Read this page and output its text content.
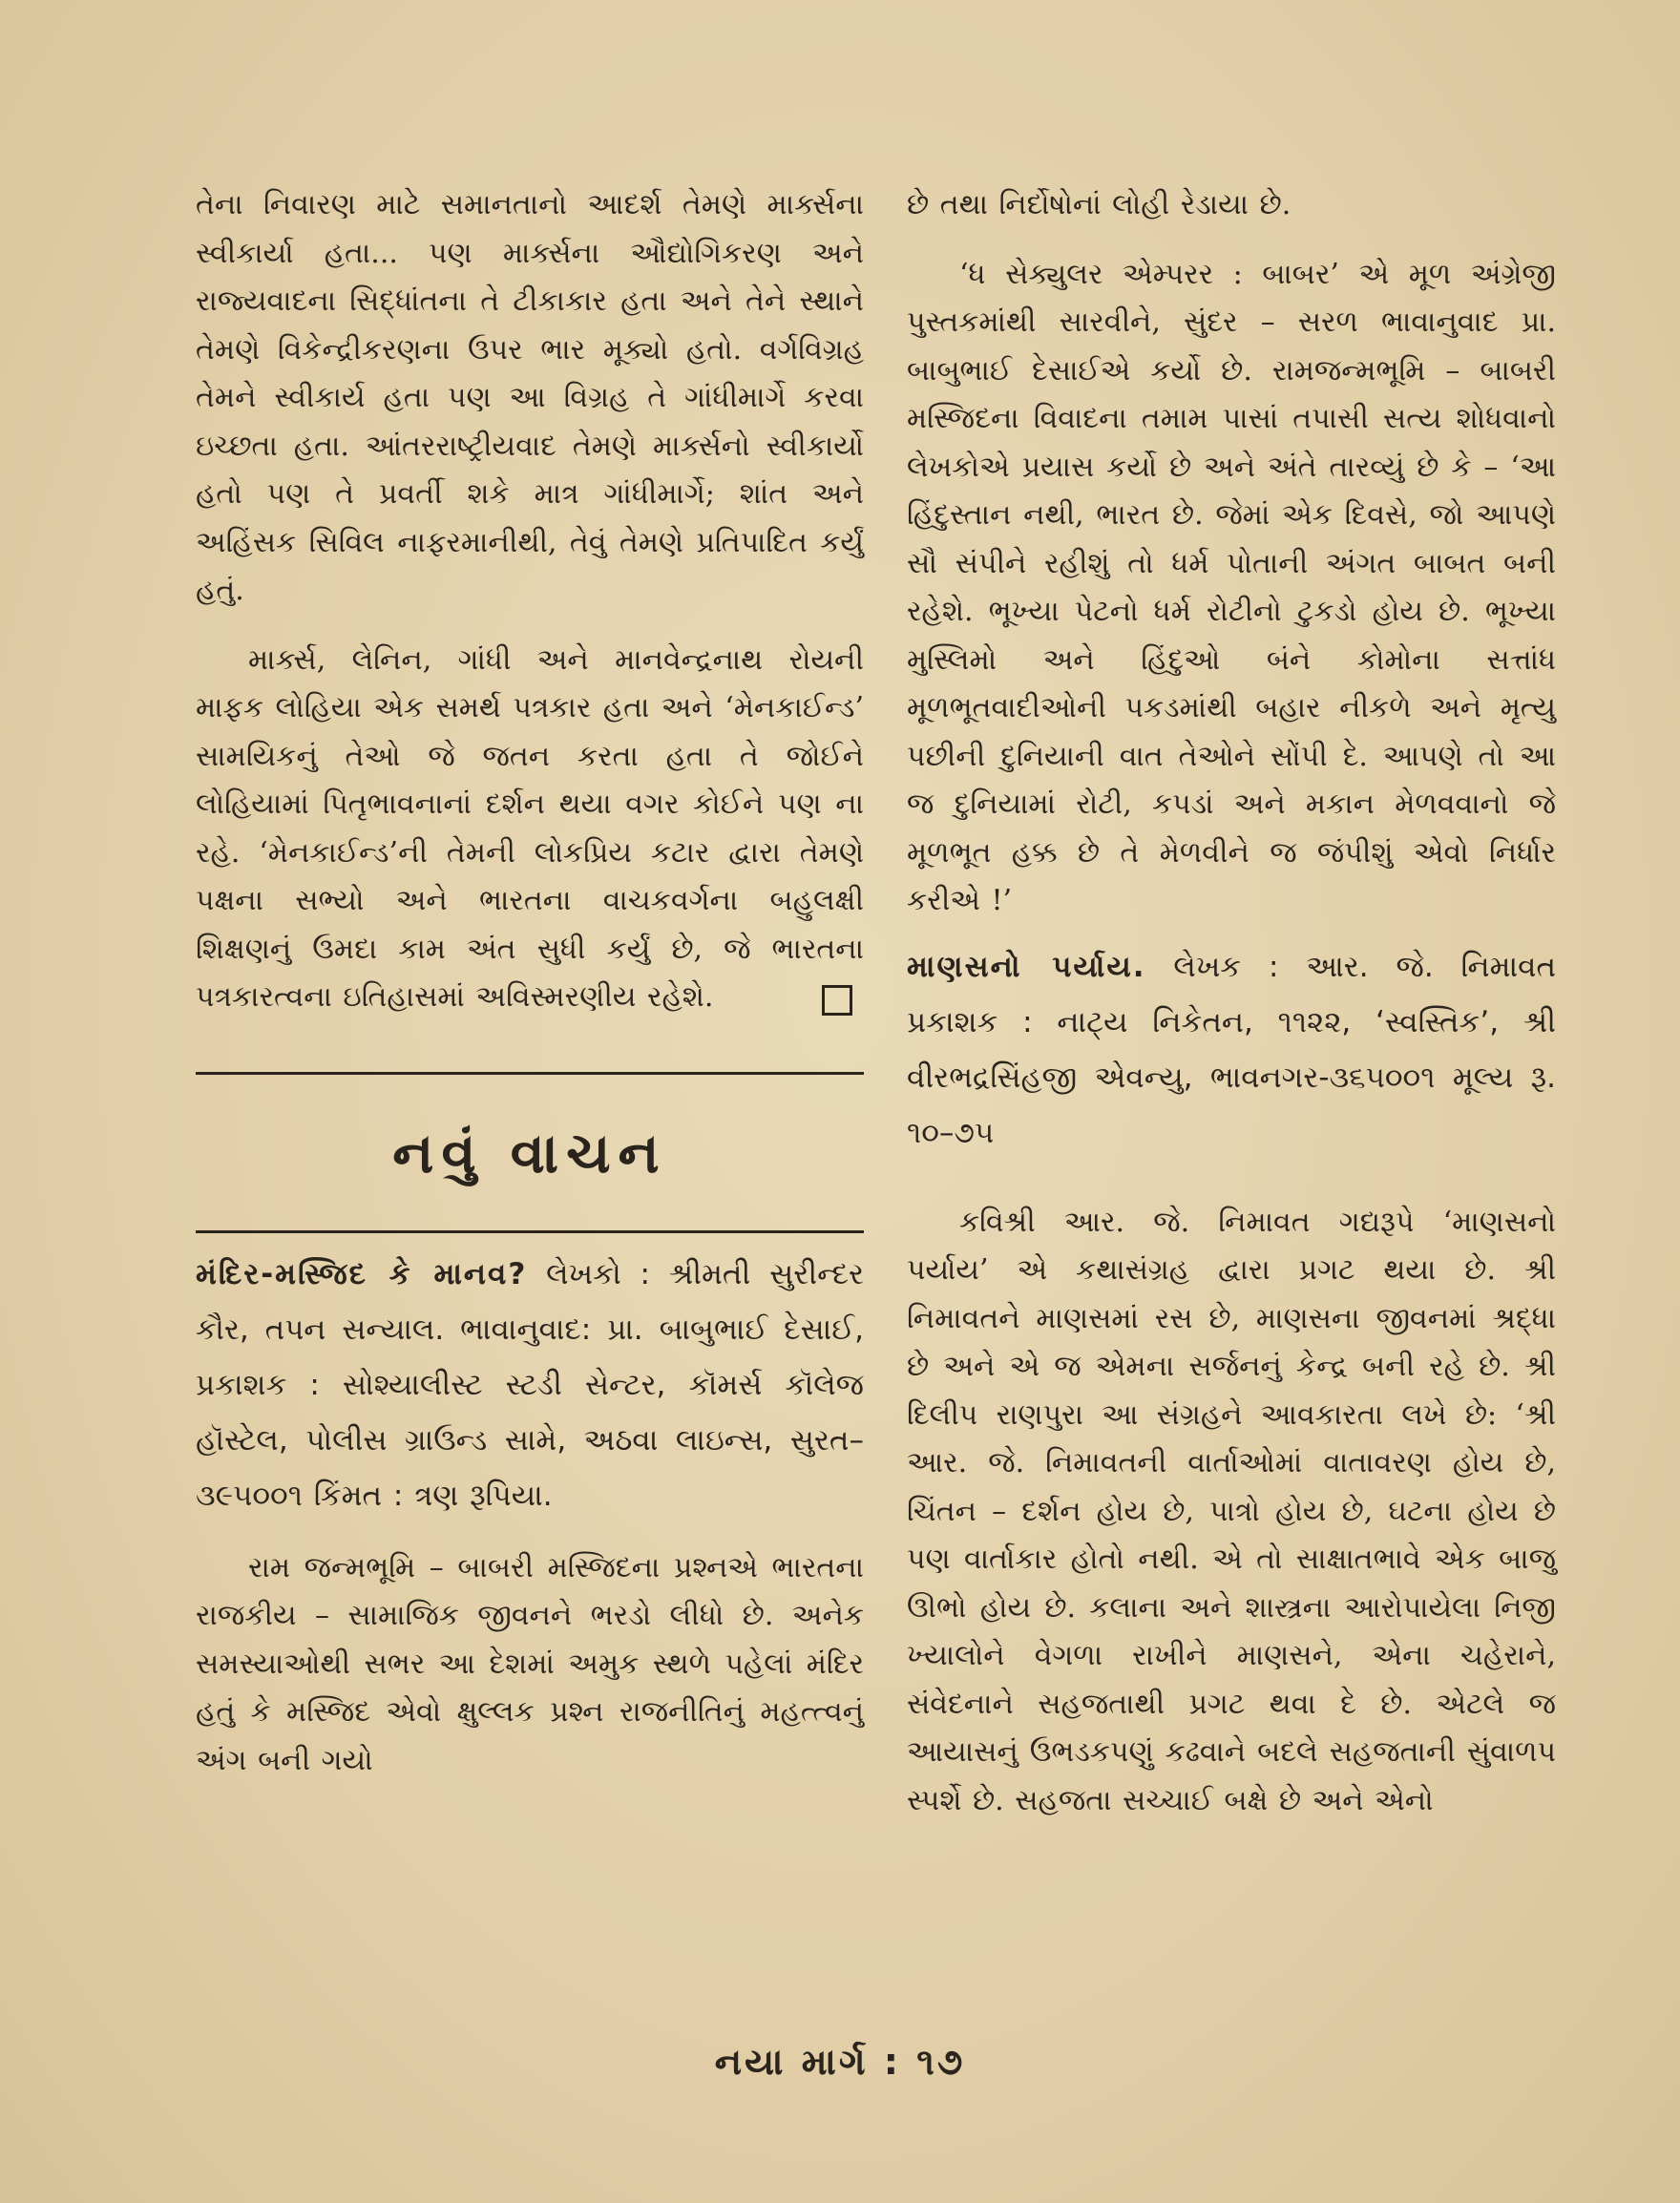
તેના નિવારણ માટે સમાનતાનો આદર્શ તેમણે માર્ક્સના સ્વીકાર્યા હતા... પણ માર્ક્સના ઔદ્યોગિકરણ અને રાજ્યવાદના સિદ્ધાંતના તે ટીકાકાર હતા અને તેને સ્થાને તેમણે વિકેન્દ્રીકરણના ઉપર ભાર મૂક્યો હતો. વર્ગવિગ્રહ તેમને સ્વીકાર્ય હતા પણ આ વિગ્રહ તે ગાંધીમાર્ગે કરવા ઇચ્છતા હતા. આંતરરાષ્ટ્રીયવાદ તેમણે માર્ક્સનો સ્વીકાર્યો હતો પણ તે પ્રવર્તી શકે માત્ર ગાંધીમાર્ગે; શાંત અને અહિંસક સિવિલ નાફરમાનીથી, તેવું તેમણે પ્રતિપાદિત કર્યું હતું.

માર્ક્સ, લેનિન, ગાંધી અને માનવેન્દ્રનાથ રોયની માફક લોહિયા એક સમર્થ પત્રકાર હતા અને ‘મેનકાઈન્ડ’ સામયિકનું તેઓ જે જતન કરતા હતા તે જોઈને લોહિયામાં પિતૃભાવનાનાં દર્શન થયા વગર કોઈને પણ ના રહે. ‘મેનકાઈન્ડ’ની તેમની લોકપ્રિય કટાર દ્વારા તેમણે પક્ષના સભ્યો અને ભારતના વાચકવર્ગના બહુલક્ષી શિક્ષણનું ઉમદા કામ અંત સુધી કર્યું છે, જે ભારતના પત્રકારત્વના ઇતિહાસમાં અવિસ્મરણીય રહેશે.

નવું વાચન

મંદિર-મસ્જિદ કે માનવ? લેખકો : શ્રીમતી સુરીન્દર કૌર, તપન સન્યાલ. ભાવાનુવાદ: પ્રા. બાબુભાઈ દેસાઈ, પ્રકાશક : સોશ્યાલીસ્ટ સ્ટડી સેન્ટર, કૉમર્સ કૉલેજ હૉસ્ટેલ, પોલીસ ગ્રાઉન્ડ સામે, અઠવા લાઇન્સ, સુરત–૩૯૫૦૦૧ કિંમત : ત્રણ રૂપિયા.

રામ જન્મભૂમિ – બાબરી મસ્જિદના પ્રશ્નએ ભારતના રાજકીય – સામાજિક જીવનને ભરડો લીધો છે. અનેક સમસ્યાઓથી સભર આ દેશમાં અમુક સ્થળે પહેલાં મંદિર હતું કે મસ્જિદ એવો ક્ષુલ્લક પ્રશ્ન રાજનીતિનું મહત્ત્વનું અંગ બની ગયો

છે તથા નિર્દોષોનાં લોહી રેડાયા છે.

‘ધ સેક્યુલર એમ્પરર : બાબર’ એ મૂળ અંગ્રેજી પુસ્તકમાંથી સારવીને, સુંદર – સરળ ભાવાનુવાદ પ્રા. બાબુભાઈ દેસાઈએ કર્યો છે. રામજન્મભૂમિ – બાબરી મસ્જિદના વિવાદના તમામ પાસાં તપાસી સત્ય શોધવાનો લેખકોએ પ્રયાસ કર્યો છે અને અંતે તારવ્યું છે કે – ‘આ હિંદુસ્તાન નથી, ભારત છે. જેમાં એક દિવસે, જો આપણે સૌ સંપીને રહીશું તો ધર્મ પોતાની અંગત બાબત બની રહેશે. ભૂખ્યા પેટનો ધર્મ રોટીનો ટુકડો હોય છે. ભૂખ્યા મુસ્લિમો અને હિંદુઓ બંને કોમોના સત્તાંધ મૂળભૂતવાદીઓની પકડમાંથી બહાર નીકળે અને મૃત્યુ પછીની દુનિયાની વાત તેઓને સોંપી દે. આપણે તો આ જ દુનિયામાં રોટી, કપડાં અને મકાન મેળવવાનો જે મૂળભૂત હક્ક છે તે મેળવીને જ જંપીશું એવો નિર્ધાર કરીએ !’

માણસનો પર્યાય. લેખક : આર. જે. નિમાવત પ્રકાશક : નાટ્ય નિકેતન, ૧૧૨૨, ‘સ્વસ્તિક’, શ્રી વીરભદ્રસિંહજી એવન્યુ, ભાવનગર-૩૬૫૦૦૧ મૂલ્ય રૂ. ૧૦–૭૫

કવિશ્રી આર. જે. નિમાવત ગદ્યરૂપે ‘માણસનો પર્યાય’ એ કથાસંગ્રહ દ્વારા પ્રગટ થયા છે. શ્રી નિમાવતને માણસમાં રસ છે, માણસના જીવનમાં શ્રદ્ધા છે અને એ જ એમના સર્જનનું કેન્દ્ર બની રહે છે. શ્રી દિલીપ રાણપુરા આ સંગ્રહને આવકારતા લખે છે: ‘શ્રી આર. જે. નિમાવતની વાર્તાઓમાં વાતાવરણ હોય છે, ચિંતન – દર્શન હોય છે, પાત્રો હોય છે, ઘટના હોય છે પણ વાર્તાકાર હોતો નથી. એ તો સાક્ષાતભાવે એક બાજુ ઊભો હોય છે. કલાના અને શાસ્ત્રના આરોપાયેલા નિજી ખ્યાલોને વેગળા રાખીને માણસને, એના ચહેરાને, સંવેદનાને સહજતાથી પ્રગટ થવા દે છે. એટલે જ આયાસનું ઉભડકપણું કઢવાને બદલે સહજતાની સુંવાળપ સ્પર્શે છે. સહજતા સચ્ચાઈ બક્ષે છે અને એનો

નયા માર્ગ : ૧૭
